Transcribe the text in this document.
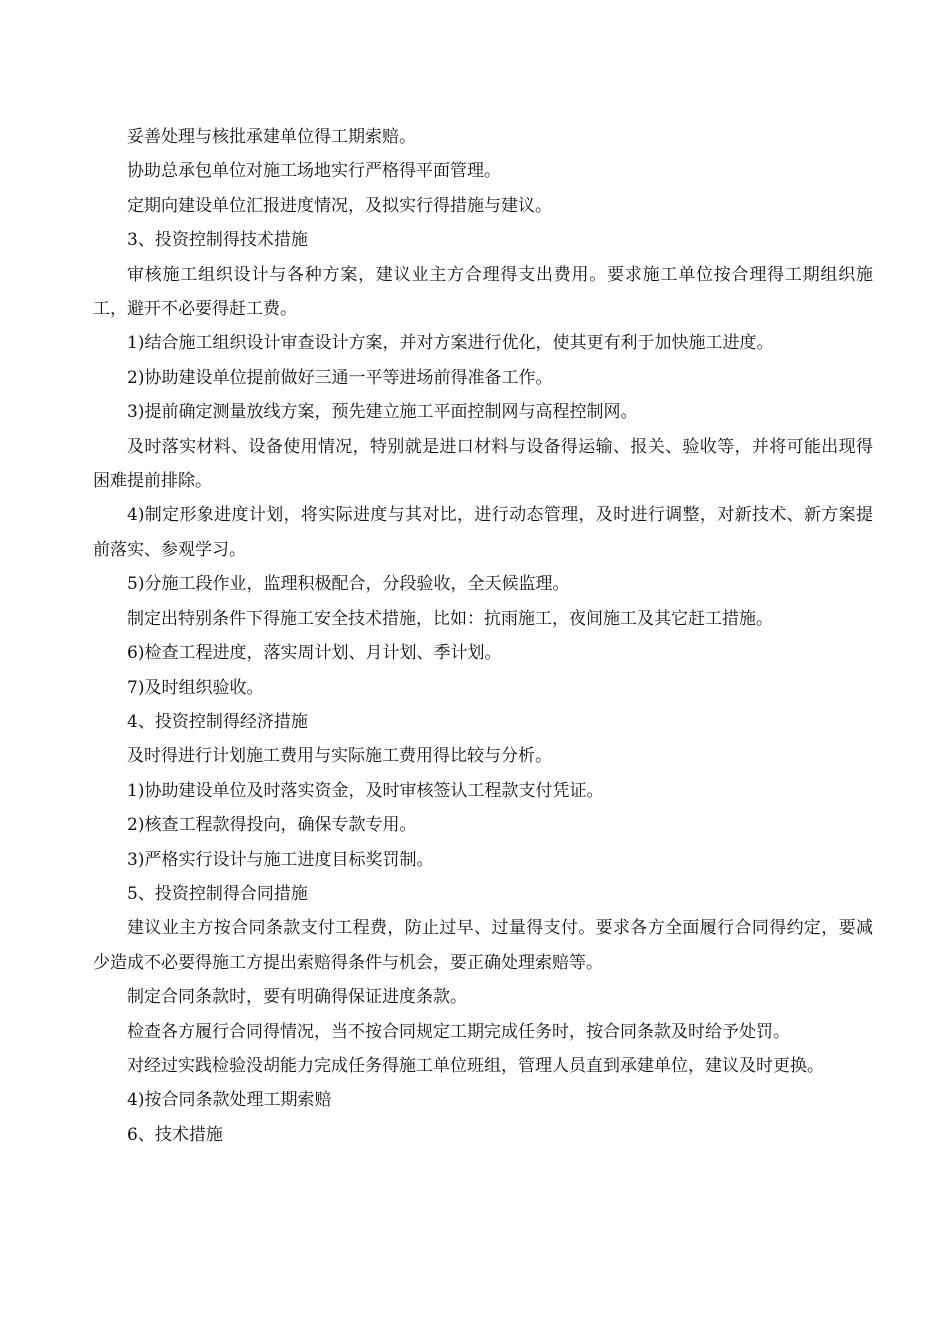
妥善处理与核批承建单位得工期索赔。

协助总承包单位对施工场地实行严格得平面管理。

定期向建设单位汇报进度情况，及拟实行得措施与建议。

3、投资控制得技术措施

审核施工组织设计与各种方案，建议业主方合理得支出费用。要求施工单位按合理得工期组织施工，避开不必要得赶工费。

1)结合施工组织设计审查设计方案，并对方案进行优化，使其更有利于加快施工进度。

2)协助建设单位提前做好三通一平等进场前得准备工作。

3)提前确定测量放线方案，预先建立施工平面控制网与高程控制网。

及时落实材料、设备使用情况，特别就是进口材料与设备得运输、报关、验收等，并将可能出现得困难提前排除。

4)制定形象进度计划，将实际进度与其对比，进行动态管理，及时进行调整，对新技术、新方案提前落实、参观学习。

5)分施工段作业，监理积极配合，分段验收，全天候监理。

制定出特别条件下得施工安全技术措施，比如：抗雨施工，夜间施工及其它赶工措施。

6)检查工程进度，落实周计划、月计划、季计划。

7)及时组织验收。

4、投资控制得经济措施

及时得进行计划施工费用与实际施工费用得比较与分析。

1)协助建设单位及时落实资金，及时审核签认工程款支付凭证。

2)核查工程款得投向，确保专款专用。

3)严格实行设计与施工进度目标奖罚制。

5、投资控制得合同措施

建议业主方按合同条款支付工程费，防止过早、过量得支付。要求各方全面履行合同得约定，要减少造成不必要得施工方提出索赔得条件与机会，要正确处理索赔等。

制定合同条款时，要有明确得保证进度条款。

检查各方履行合同得情况，当不按合同规定工期完成任务时，按合同条款及时给予处罚。

对经过实践检验没胡能力完成任务得施工单位班组，管理人员直到承建单位，建议及时更换。

4)按合同条款处理工期索赔

6、技术措施
